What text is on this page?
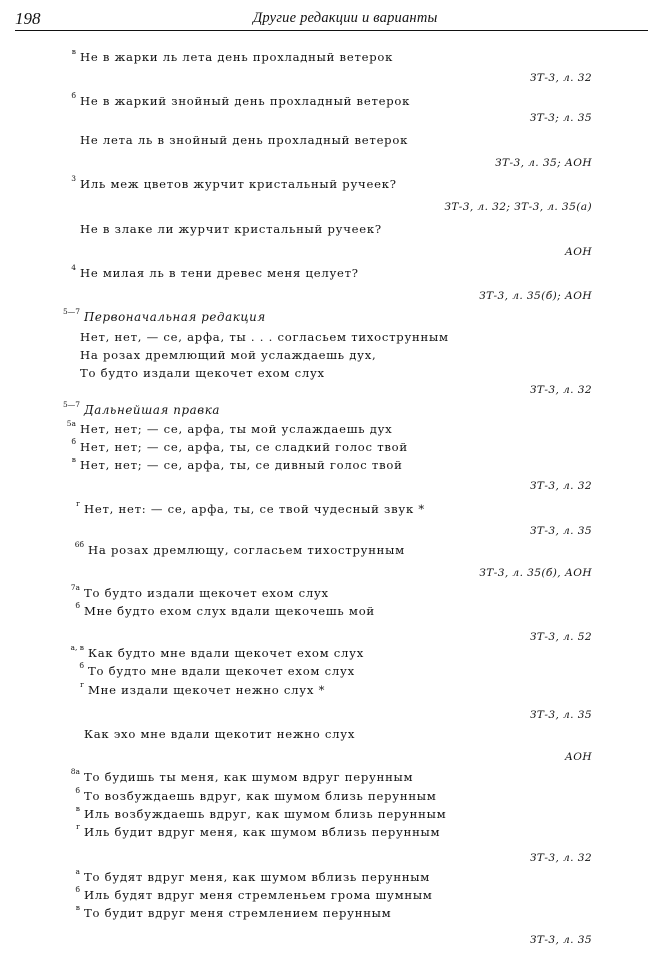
198	Другие редакции и варианты
Не в жарки ль лета день прохладный ветерок
в
ЗТ-3, л. 32
Не в жаркий знойный день прохладный ветерок
б
ЗТ-3; л. 35
Не лета ль в знойный день прохладный ветерок
ЗТ-3, л. 35; АОН
Иль меж цветов журчит кристальный ручеек?
3
ЗТ-3, л. 32; ЗТ-3, л. 35(а)
Не в злаке ли журчит кристальный ручеек?
АОН
Не милая ль в тени древес меня целует?
4
ЗТ-3, л. 35(б); АОН
Первоначальная редакция
5—7
Нет, нет, — се, арфа, ты . . . согласьем тихострунным
На розах дремлющий мой услаждаешь дух,
То будто издали щекочет ехом слух
ЗТ-3, л. 32
Дальнейшая правка
5—7
Нет, нет; — се, арфа, ты мой услаждаешь дух
5а
Нет, нет; — се, арфа, ты, се сладкий голос твой
б
Нет, нет; — се, арфа, ты, се дивный голос твой
в
ЗТ-3, л. 32
Нет, нет: — се, арфа, ты, се твой чудесный звук *
г
ЗТ-3, л. 35
На розах дремлющу, согласьем тихострунным
6б
ЗТ-3, л. 35(б), АОН
То будто издали щекочет ехом слух
7а
Мне будто ехом слух вдали щекочешь мой
б
ЗТ-3, л. 52
Как будто мне вдали щекочет ехом слух
а, в
То будто мне вдали щекочет ехом слух
б
Мне издали щекочет нежно слух *
г
ЗТ-3, л. 35
Как эхо мне вдали щекотит нежно слух
АОН
То будишь ты меня, как шумом вдруг перунным
8а
То возбуждаешь вдруг, как шумом близь перунным
б
Иль возбуждаешь вдруг, как шумом близь перунным
в
Иль будит вдруг меня, как шумом вблизь перунным
г
ЗТ-3, л. 32
То будят вдруг меня, как шумом вблизь перунным
а
Иль будят вдруг меня стремленьем грома шумным
б
То будит вдруг меня стремлением перунным
в
ЗТ-3, л. 35
